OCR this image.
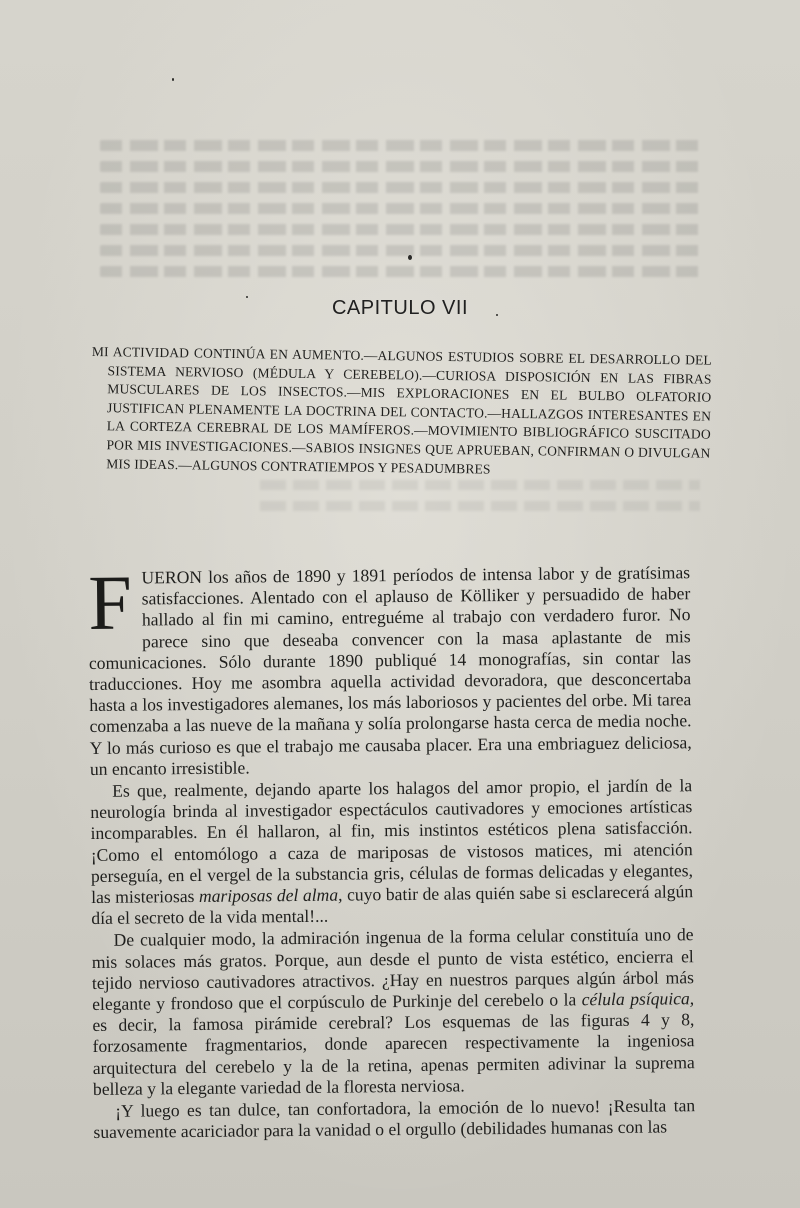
CAPITULO VII

MI ACTIVIDAD CONTINÚA EN AUMENTO.—ALGUNOS ESTUDIOS SOBRE EL DESARROLLO DEL SISTEMA NERVIOSO (MÉDULA Y CEREBELO).—CURIOSA DISPOSICIÓN EN LAS FIBRAS MUSCULARES DE LOS INSECTOS.—MIS EXPLORACIONES EN EL BULBO OLFATORIO JUSTIFICAN PLENAMENTE LA DOCTRINA DEL CONTACTO.—HALLAZGOS INTERESANTES EN LA CORTEZA CEREBRAL DE LOS MAMÍFEROS.—MOVIMIENTO BIBLIOGRÁFICO SUSCITADO POR MIS INVESTIGACIONES.—SABIOS INSIGNES QUE APRUEBAN, CONFIRMAN O DIVULGAN MIS IDEAS.—ALGUNOS CONTRATIEMPOS Y PESADUMBRES

FUERON los años de 1890 y 1891 períodos de intensa labor y de gratísimas satisfacciones. Alentado con el aplauso de Kölliker y persuadido de haber hallado al fin mi camino, entreguéme al trabajo con verdadero furor. No parece sino que deseaba convencer con la masa aplastante de mis comunicaciones. Sólo durante 1890 publiqué 14 monografías, sin contar las traducciones. Hoy me asombra aquella actividad devoradora, que desconcertaba hasta a los investigadores alemanes, los más laboriosos y pacientes del orbe. Mi tarea comenzaba a las nueve de la mañana y solía prolongarse hasta cerca de media noche. Y lo más curioso es que el trabajo me causaba placer. Era una embriaguez deliciosa, un encanto irresistible.

Es que, realmente, dejando aparte los halagos del amor propio, el jardín de la neurología brinda al investigador espectáculos cautivadores y emociones artísticas incomparables. En él hallaron, al fin, mis instintos estéticos plena satisfacción. ¡Como el entomólogo a caza de mariposas de vistosos matices, mi atención perseguía, en el vergel de la substancia gris, células de formas delicadas y elegantes, las misteriosas mariposas del alma, cuyo batir de alas quién sabe si esclarecerá algún día el secreto de la vida mental!...

De cualquier modo, la admiración ingenua de la forma celular constituía uno de mis solaces más gratos. Porque, aun desde el punto de vista estético, encierra el tejido nervioso cautivadores atractivos. ¿Hay en nuestros parques algún árbol más elegante y frondoso que el corpúsculo de Purkinje del cerebelo o la célula psíquica, es decir, la famosa pirámide cerebral? Los esquemas de las figuras 4 y 8, forzosamente fragmentarios, donde aparecen respectivamente la ingeniosa arquitectura del cerebelo y la de la retina, apenas permiten adivinar la suprema belleza y la elegante variedad de la floresta nerviosa.

¡Y luego es tan dulce, tan confortadora, la emoción de lo nuevo! ¡Resulta tan suavemente acariciador para la vanidad o el orgullo (debilidades humanas con las
